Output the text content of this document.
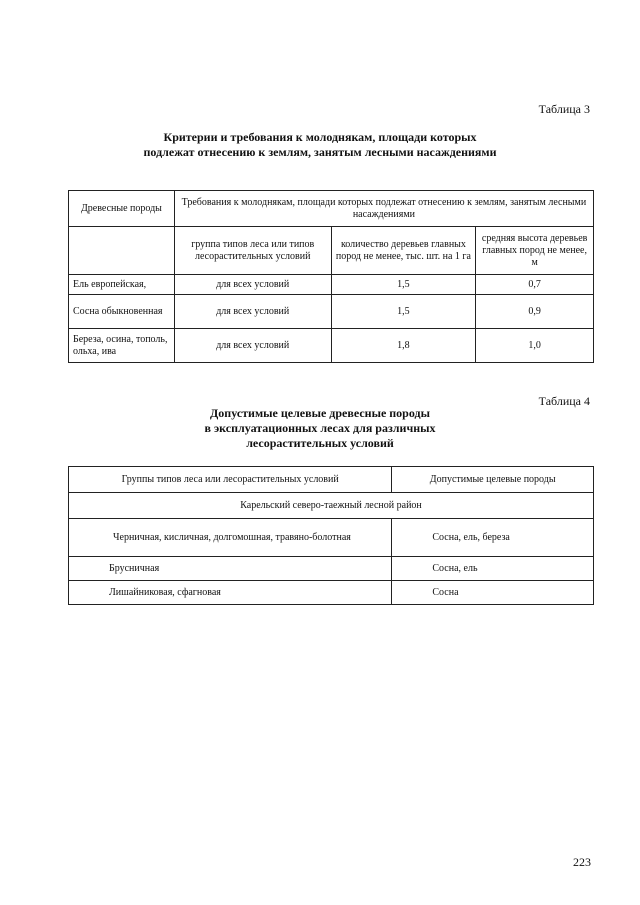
Таблица 3
Критерии и требования к молоднякам, площади которых
подлежат отнесению к землям, занятым лесными насаждениями
Древесные породы	Требования к молоднякам, площади которых подлежат отнесению к землям, занятым лесными насаждениями		
	группа типов леса или типов лесорастительных условий	количество деревьев главных пород не менее, тыс. шт. на 1 га	средняя высота деревьев главных пород не менее, м
Ель европейская,	для всех условий	1,5	0,7
Сосна обыкновенная	для всех условий	1,5	0,9
Береза, осина, тополь, ольха, ива	для всех условий	1,8	1,0
Таблица 4
Допустимые целевые древесные породы
в эксплуатационных лесах для различных
лесорастительных условий
Группы типов леса или лесорастительных условий	Допустимые целевые породы
Карельский северо-таежный лесной район	
Черничная, кисличная, долгомошная, травяно-болотная	Сосна, ель, береза
Брусничная	Сосна, ель
Лишайниковая, сфагновая	Сосна
223
